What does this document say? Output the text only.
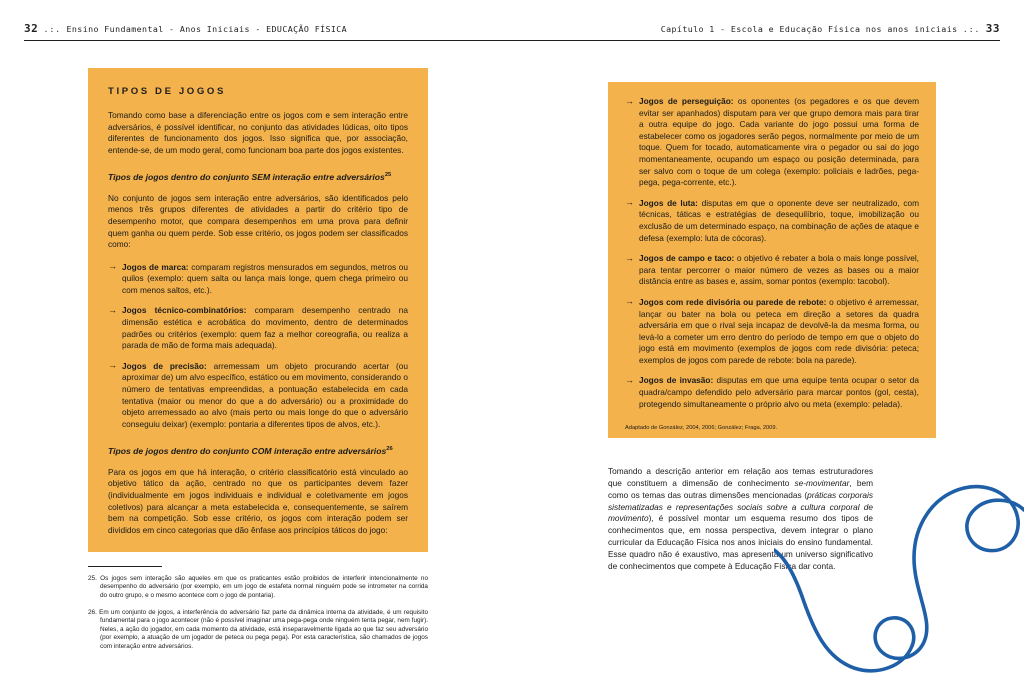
32 .:. Ensino Fundamental - Anos Iniciais - EDUCAÇÃO FÍSICA	Capítulo 1 - Escola e Educação Física nos anos iniciais .:. 33
TIPOS DE JOGOS

Tomando como base a diferenciação entre os jogos com e sem interação entre adversários, é possível identificar, no conjunto das atividades lúdicas, oito tipos diferentes de funcionamento dos jogos. Isso significa que, por associação, entende-se, de um modo geral, como funcionam boa parte dos jogos existentes.

Tipos de jogos dentro do conjunto SEM interação entre adversários$^{25}$

No conjunto de jogos sem interação entre adversários, são identificados pelo menos três grupos diferentes de atividades a partir do critério tipo de desempenho motor, que compara desempenhos em uma prova para definir quem ganha ou quem perde. Sob esse critério, os jogos podem ser classificados como:

→ Jogos de marca: comparam registros mensurados em segundos, metros ou quilos (exemplo: quem salta ou lança mais longe, quem chega primeiro ou com menos saltos, etc.).
→ Jogos técnico-combinatórios: comparam desempenho centrado na dimensão estética e acrobática do movimento, dentro de determinados padrões ou critérios (exemplo: quem faz a melhor coreografia, ou realiza a parada de mão de forma mais adequada).
→ Jogos de precisão: arremessam um objeto procurando acertar (ou aproximar de) um alvo específico, estático ou em movimento, considerando o número de tentativas empreendidas, a pontuação estabelecida em cada tentativa (maior ou menor do que a do adversário) ou a proximidade do objeto arremessado ao alvo (mais perto ou mais longe do que o adversário conseguiu deixar) (exemplo: pontaria a diferentes tipos de alvos, etc.).
Tipos de jogos dentro do conjunto COM interação entre adversários$^{26}$

Para os jogos em que há interação, o critério classificatório está vinculado ao objetivo tático da ação, centrado no que os participantes devem fazer (individualmente em jogos individuais e individual e coletivamente em jogos coletivos) para alcançar a meta estabelecida e, consequentemente, se saírem bem na competição. Sob esse critério, os jogos com interação podem ser divididos em cinco categorias que dão ênfase aos princípios táticos do jogo:

25. Os jogos sem interação são aqueles em que os praticantes estão proibidos de interferir intencionalmente no desempenho do adversário (por exemplo, em um jogo de estafeta normal ninguém pode se intrometer na corrida do outro grupo, e o mesmo acontece com o jogo de pontaria).

26. Em um conjunto de jogos, a interferência do adversário faz parte da dinâmica interna da atividade, é um requisito fundamental para o jogo acontecer (não é possível imaginar uma pega-pega onde ninguém tenta pegar, nem fugir). Neles, a ação do jogador, em cada momento da atividade, está inseparavelmente ligada ao que faz seu adversário (por exemplo, a atuação de um jogador de peteca ou pega pega). Por esta característica, são chamados de jogos com interação entre adversários.

→ Jogos de perseguição: os oponentes (os pegadores e os que devem evitar ser apanhados) disputam para ver que grupo demora mais para tirar a outra equipe do jogo. Cada variante do jogo possui uma forma de estabelecer como os jogadores serão pegos, normalmente por meio de um toque. Quem for tocado, automaticamente vira o pegador ou sai do jogo momentaneamente, ocupando um espaço ou posição determinada, para ser salvo com o toque de um colega (exemplo: policiais e ladrões, pega-pega, pega-corrente, etc.).
→ Jogos de luta: disputas em que o oponente deve ser neutralizado, com técnicas, táticas e estratégias de desequilíbrio, toque, imobilização ou exclusão de um determinado espaço, na combinação de ações de ataque e defesa (exemplo: luta de cócoras).
→ Jogos de campo e taco: o objetivo é rebater a bola o mais longe possível, para tentar percorrer o maior número de vezes as bases ou a maior distância entre as bases e, assim, somar pontos (exemplo: tacobol).
→ Jogos com rede divisória ou parede de rebote: o objetivo é arremessar, lançar ou bater na bola ou peteca em direção a setores da quadra adversária em que o rival seja incapaz de devolvê-la da mesma forma, ou levá-lo a cometer um erro dentro do período de tempo em que o objeto do jogo está em movimento (exemplos de jogos com rede divisória: peteca; exemplos de jogos com parede de rebote: bola na parede).
→ Jogos de invasão: disputas em que uma equipe tenta ocupar o setor da quadra/campo defendido pelo adversário para marcar pontos (gol, cesta), protegendo simultaneamente o próprio alvo ou meta (exemplo: pelada).

Adaptado de González, 2004, 2006; González; Fraga, 2009.

Tomando a descrição anterior em relação aos temas estruturadores que constituem a dimensão de conhecimento se-movimentar, bem como os temas das outras dimensões mencionadas (práticas corporais sistematizadas e representações sociais sobre a cultura corporal de movimento), é possível montar um esquema resumo dos tipos de conhecimentos que, em nossa perspectiva, devem integrar o plano curricular da Educação Física nos anos iniciais do ensino fundamental. Esse quadro não é exaustivo, mas apresenta um universo significativo de conhecimentos que compete à Educação Física dar conta.
